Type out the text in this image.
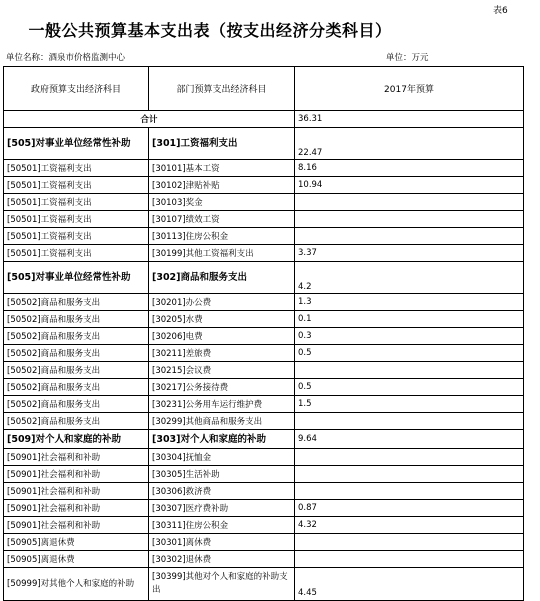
表6
一般公共预算基本支出表（按支出经济分类科目）
单位名称：酒泉市价格监测中心	单位：万元
政府预算支出经济科目	部门预算支出经济科目	2017年预算
合计		36.31
[505]对事业单位经常性补助	[301]工资福利支出	22.47
[50501]工资福利支出	[30101]基本工资	8.16
[50501]工资福利支出	[30102]津贴补贴	10.94
[50501]工资福利支出	[30103]奖金	
[50501]工资福利支出	[30107]绩效工资	
[50501]工资福利支出	[30113]住房公积金	
[50501]工资福利支出	[30199]其他工资福利支出	3.37
[505]对事业单位经常性补助	[302]商品和服务支出	4.2
[50502]商品和服务支出	[30201]办公费	1.3
[50502]商品和服务支出	[30205]水费	0.1
[50502]商品和服务支出	[30206]电费	0.3
[50502]商品和服务支出	[30211]差旅费	0.5
[50502]商品和服务支出	[30215]会议费	
[50502]商品和服务支出	[30217]公务接待费	0.5
[50502]商品和服务支出	[30231]公务用车运行维护费	1.5
[50502]商品和服务支出	[30299]其他商品和服务支出	
[509]对个人和家庭的补助	[303]对个人和家庭的补助	9.64
[50901]社会福利和补助	[30304]抚恤金	
[50901]社会福利和补助	[30305]生活补助	
[50901]社会福利和补助	[30306]救济费	
[50901]社会福利和补助	[30307]医疗费补助	0.87
[50901]社会福利和补助	[30311]住房公积金	4.32
[50905]离退休费	[30301]离休费	
[50905]离退休费	[30302]退休费	
[50999]对其他个人和家庭的补助	[30399]其他对个人和家庭的补助支出	4.45
